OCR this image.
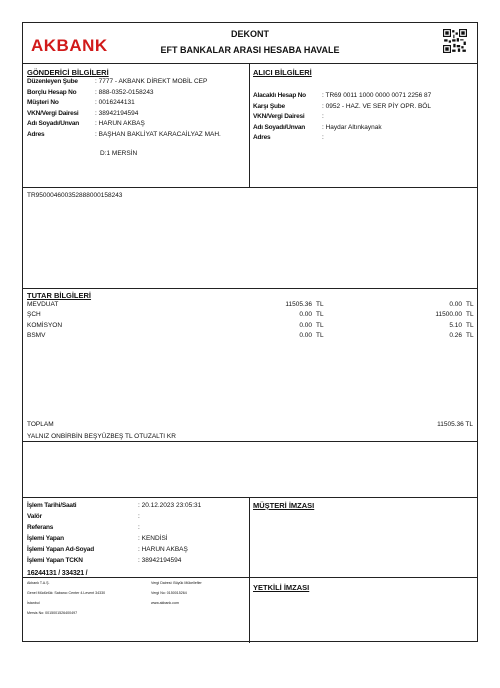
AKBANK
DEKONT
EFT BANKALAR ARASI HESABA HAVALE
GÖNDERİCİ BİLGİLERİ
Düzenleyen Şube	: 7777 - AKBANK DİREKT MOBİL CEP
Borçlu Hesap No	: 888-0352-0158243
Müşteri No	: 0016244131
VKN/Vergi Dairesi	: 38942194594
Adı Soyadı/Unvan : HARUN AKBAŞ
Adres	: BAŞHAN BAKLİYAT KARACAİLYAZ MAH.
D:1 MERSİN
ALICI BİLGİLERİ
Alacaklı Hesap No : TR69 0011 1000 0000 0071 2256 87
Karşı Şube	: 0952 - HAZ. VE SER PİY OPR. BÖL
VKN/Vergi Dairesi	:
Adı Soyadı/Unvan	: Haydar Altınkaynak
Adres	:
TR950004600352888000158243
TUTAR BİLGİLERİ
MEVDUAT	11505.36 TL	0.00 TL
ŞCH	0.00 TL	11500.00 TL
KOMİSYON	0.00 TL	5.10 TL
BSMV	0.00 TL	0.26 TL
TOPLAM	11505.36 TL
YALNIZ ONBİRBİN BEŞYÜZBEŞ TL OTUZALTI KR
İşlem Tarihi/Saati	: 20.12.2023 23:05:31
Valör	:
Referans	:
İşlemi Yapan	: KENDİSİ
İşlemi Yapan Ad-Soyad	: HARUN AKBAŞ
İşlemi Yapan TCKN	: 38942194594
16244131 / 334321 /
MÜŞTERİ İMZASI
YETKİLİ İMZASI
Akbank T.A.Ş.
Genel Müdürlük: Sabancı Center 4.Levent 34330
İstanbul
Mersis No: 0015001526400497
Vergi Dairesi: Büyük Mükellefler
Vergi No: 0150015264
www.akbank.com
